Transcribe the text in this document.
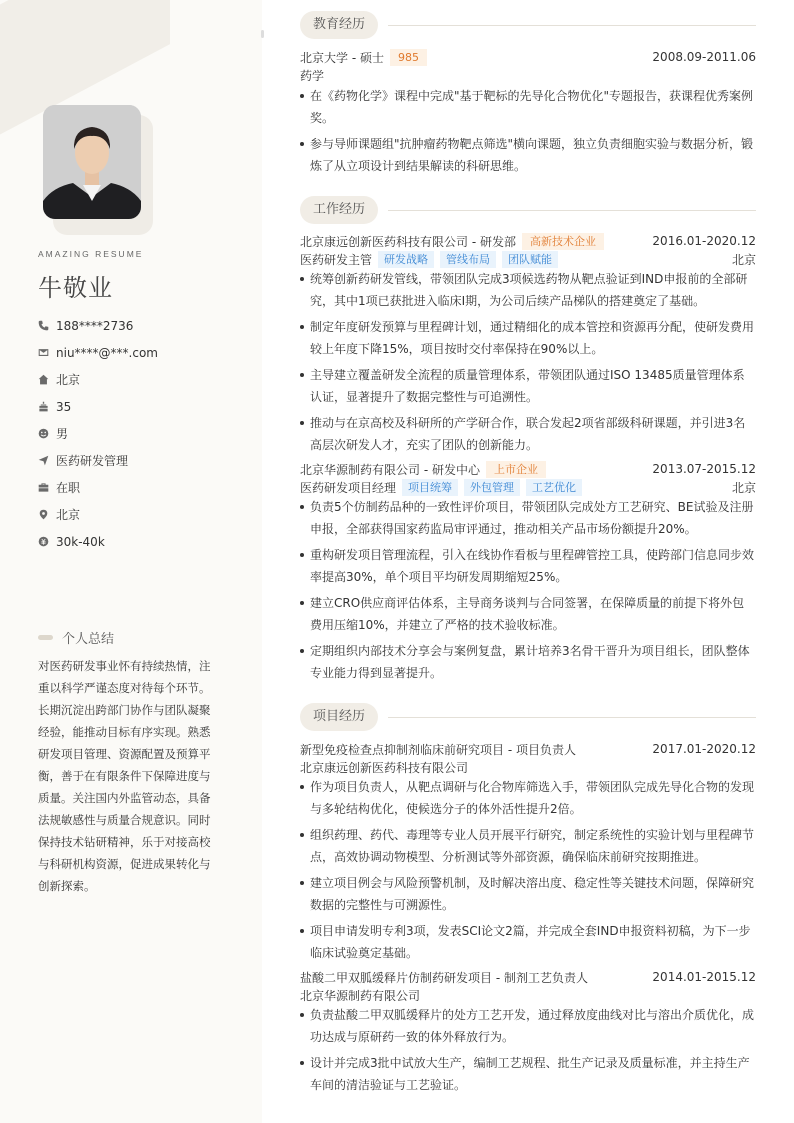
AMAZING RESUME
牛敬业
188****2736
niu****@***.com
北京
35
男
医药研发管理
在职
北京
30k-40k
个人总结
对医药研发事业怀有持续热情，注
重以科学严谨态度对待每个环节。
长期沉淀出跨部门协作与团队凝聚
经验，能推动目标有序实现。熟悉
研发项目管理、资源配置及预算平
衡，善于在有限条件下保障进度与
质量。关注国内外监管动态，具备
法规敏感性与质量合规意识。同时
保持技术钻研精神，乐于对接高校
与科研机构资源，促进成果转化与
创新探索。
教育经历
北京大学 - 硕士	985	2008.09-2011.06
药学
在《药物化学》课程中完成"基于靶标的先导化合物优化"专题报告，获课程优秀案例奖。
参与导师课题组"抗肿瘤药物靶点筛选"横向课题，独立负责细胞实验与数据分析，锻炼了从立项设计到结果解读的科研思维。
工作经历
北京康远创新医药科技有限公司 - 研发部	高新技术企业	2016.01-2020.12
医药研发主管	研发战略	管线布局	团队赋能	北京
统筹创新药研发管线，带领团队完成3项候选药物从靶点验证到IND申报前的全部研究，其中1项已获批进入临床Ⅰ期，为公司后续产品梯队的搭建奠定了基础。
制定年度研发预算与里程碑计划，通过精细化的成本管控和资源再分配，使研发费用较上年度下降15%，项目按时交付率保持在90%以上。
主导建立覆盖研发全流程的质量管理体系，带领团队通过ISO 13485质量管理体系认证，显著提升了数据完整性与可追溯性。
推动与在京高校及科研所的产学研合作，联合发起2项省部级科研课题，并引进3名高层次研发人才，充实了团队的创新能力。
北京华源制药有限公司 - 研发中心	上市企业	2013.07-2015.12
医药研发项目经理	项目统筹	外包管理	工艺优化	北京
负责5个仿制药品种的一致性评价项目，带领团队完成处方工艺研究、BE试验及注册申报，全部获得国家药监局审评通过，推动相关产品市场份额提升20%。
重构研发项目管理流程，引入在线协作看板与里程碑管控工具，使跨部门信息同步效率提高30%，单个项目平均研发周期缩短25%。
建立CRO供应商评估体系，主导商务谈判与合同签署，在保障质量的前提下将外包费用压缩10%，并建立了严格的技术验收标准。
定期组织内部技术分享会与案例复盘，累计培养3名骨干晋升为项目组长，团队整体专业能力得到显著提升。
项目经历
新型免疫检查点抑制剂临床前研究项目 - 项目负责人	2017.01-2020.12
北京康远创新医药科技有限公司
作为项目负责人，从靶点调研与化合物库筛选入手，带领团队完成先导化合物的发现与多轮结构优化，使候选分子的体外活性提升2倍。
组织药理、药代、毒理等专业人员开展平行研究，制定系统性的实验计划与里程碑节点，高效协调动物模型、分析测试等外部资源，确保临床前研究按期推进。
建立项目例会与风险预警机制，及时解决溶出度、稳定性等关键技术问题，保障研究数据的完整性与可溯源性。
项目申请发明专利3项，发表SCI论文2篇，并完成全套IND申报资料初稿，为下一步临床试验奠定基础。
盐酸二甲双胍缓释片仿制药研发项目 - 制剂工艺负责人	2014.01-2015.12
北京华源制药有限公司
负责盐酸二甲双胍缓释片的处方工艺开发，通过释放度曲线对比与溶出介质优化，成功达成与原研药一致的体外释放行为。
设计并完成3批中试放大生产，编制工艺规程、批生产记录及质量标准，并主持生产车间的清洁验证与工艺验证。
